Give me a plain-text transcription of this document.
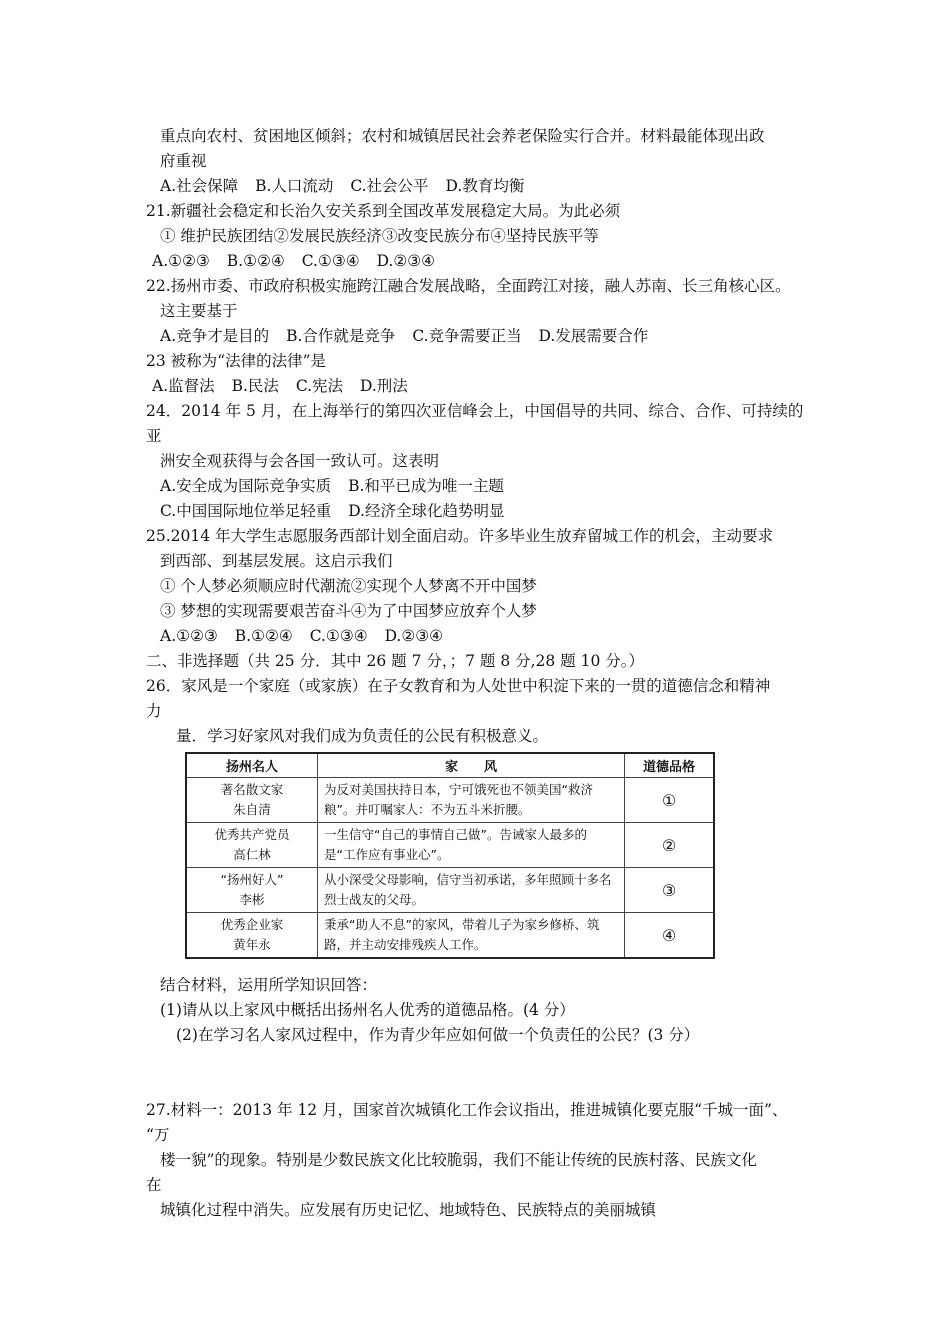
重点向农村、贫困地区倾斜；农村和城镇居民社会养老保险实行合并。材料最能体现出政
府重视
A.社会保障 B.人口流动 C.社会公平 D.教育均衡
21.新疆社会稳定和长治久安关系到全国改革发展稳定大局。为此必须
① 维护民族团结②发展民族经济③改变民族分布④坚持民族平等
A.①②③ B.①②④ C.①③④ D.②③④
22.扬州市委、市政府积极实施跨江融合发展战略，全面跨江对接，融人苏南、长三角核心区。
这主要基于
A.竞争才是目的 B.合作就是竞争 C.竞争需要正当 D.发展需要合作
23 被称为“法律的法律”是
A.监督法 B.民法 C.宪法 D.刑法
24．2014 年 5 月，在上海举行的第四次亚信峰会上，中国倡导的共同、综合、合作、可持续的
亚
洲安全观获得与会各国一致认可。这表明
A.安全成为国际竞争实质 B.和平已成为唯一主题
C.中国国际地位举足轻重 D.经济全球化趋势明显
25.2014 年大学生志愿服务西部计划全面启动。许多毕业生放弃留城工作的机会，主动要求
到西部、到基层发展。这启示我们
① 个人梦必须顺应时代潮流②实现个人梦离不开中国梦
③ 梦想的实现需要艰苦奋斗④为了中国梦应放弃个人梦
A.①②③ B.①②④ C.①③④ D.②③④
二、非选择题（共 25 分．其中 26 题 7 分，；7 题 8 分,28 题 10 分。）
26．家风是一个家庭（或家族）在子女教育和为人处世中积淀下来的一贯的道德信念和精神
力
量．学习好家风对我们成为负责任的公民有积极意义。
扬州名人	家　　风	道德品格

著名散文家
朱自清	为反对美国扶持日本，宁可饿死也不领美国“救济粮”。并叮嘱家人：不为五斗米折腰。	①

优秀共产党员
高仁林	一生信守“自己的事情自己做”。告诫家人最多的是“工作应有事业心”。	②

“扬州好人”
李彬	从小深受父母影响，信守当初承诺，多年照顾十多名烈士战友的父母。	③

优秀企业家
黄年永	秉承“助人不息”的家风，带着儿子为家乡修桥、筑路，并主动安排残疾人工作。	④
结合材料，运用所学知识回答：
(1)请从以上家风中概括出扬州名人优秀的道德品格。(4 分）
(2)在学习名人家风过程中，作为青少年应如何做一个负责任的公民？(3 分）
27.材料一：2013 年 12 月，国家首次城镇化工作会议指出，推进城镇化要克服“千城一面”、
“万
楼一貌”的现象。特别是少数民族文化比较脆弱，我们不能让传统的民族村落、民族文化
在
城镇化过程中消失。应发展有历史记忆、地域特色、民族特点的美丽城镇
